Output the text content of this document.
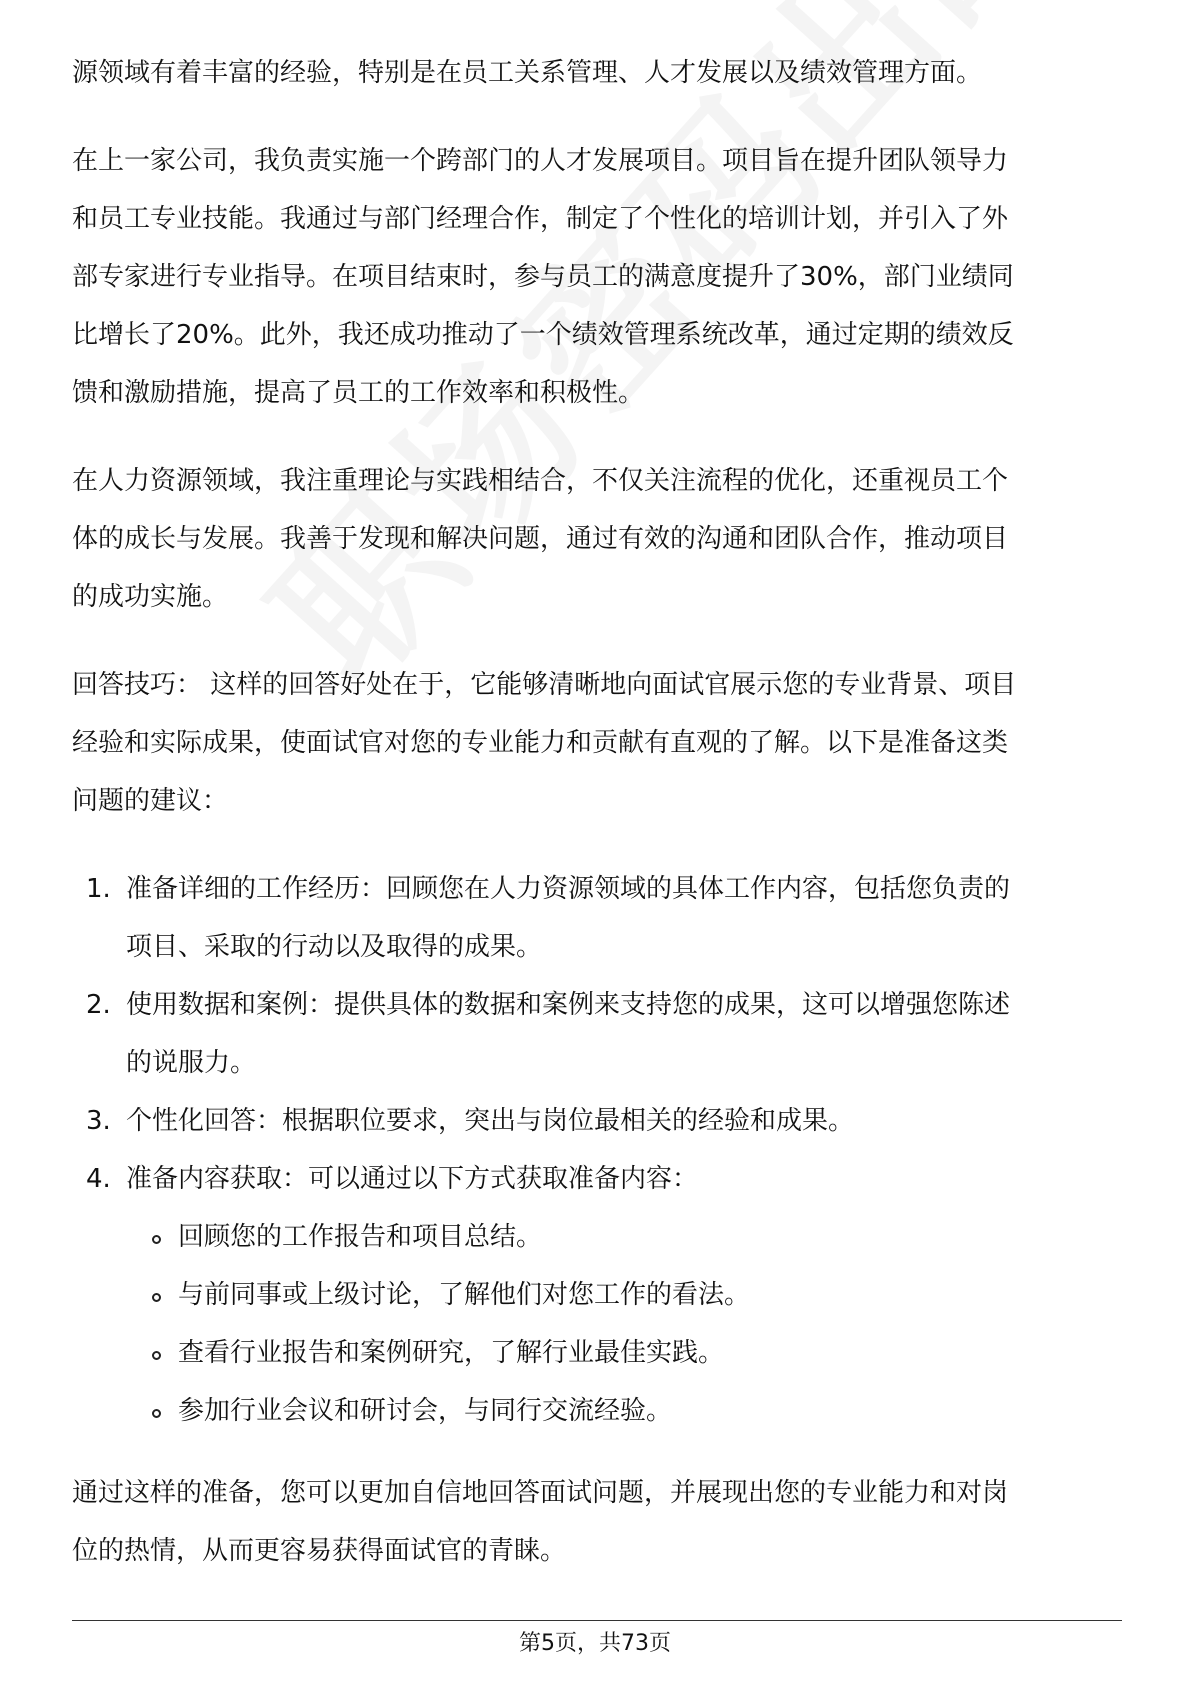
源领域有着丰富的经验，特别是在员工关系管理、人才发展以及绩效管理方面。

在上一家公司，我负责实施一个跨部门的人才发展项目。项目旨在提升团队领导力

和员工专业技能。我通过与部门经理合作，制定了个性化的培训计划，并引入了外

部专家进行专业指导。在项目结束时，参与员工的满意度提升了30%，部门业绩同

比增长了20%。此外，我还成功推动了一个绩效管理系统改革，通过定期的绩效反

馈和激励措施，提高了员工的工作效率和积极性。

在人力资源领域，我注重理论与实践相结合，不仅关注流程的优化，还重视员工个

体的成长与发展。我善于发现和解决问题，通过有效的沟通和团队合作，推动项目

的成功实施。

回答技巧： 这样的回答好处在于，它能够清晰地向面试官展示您的专业背景、项目

经验和实际成果，使面试官对您的专业能力和贡献有直观的了解。以下是准备这类

问题的建议：

1. 准备详细的工作经历：回顾您在人力资源领域的具体工作内容，包括您负责的
项目、采取的行动以及取得的成果。
2. 使用数据和案例：提供具体的数据和案例来支持您的成果，这可以增强您陈述
的说服力。
3. 个性化回答：根据职位要求，突出与岗位最相关的经验和成果。
4. 准备内容获取：可以通过以下方式获取准备内容：
回顾您的工作报告和项目总结。
与前同事或上级讨论，了解他们对您工作的看法。
查看行业报告和案例研究，了解行业最佳实践。
参加行业会议和研讨会，与同行交流经验。

通过这样的准备，您可以更加自信地回答面试问题，并展现出您的专业能力和对岗

位的热情，从而更容易获得面试官的青睐。

第5页，共73页
